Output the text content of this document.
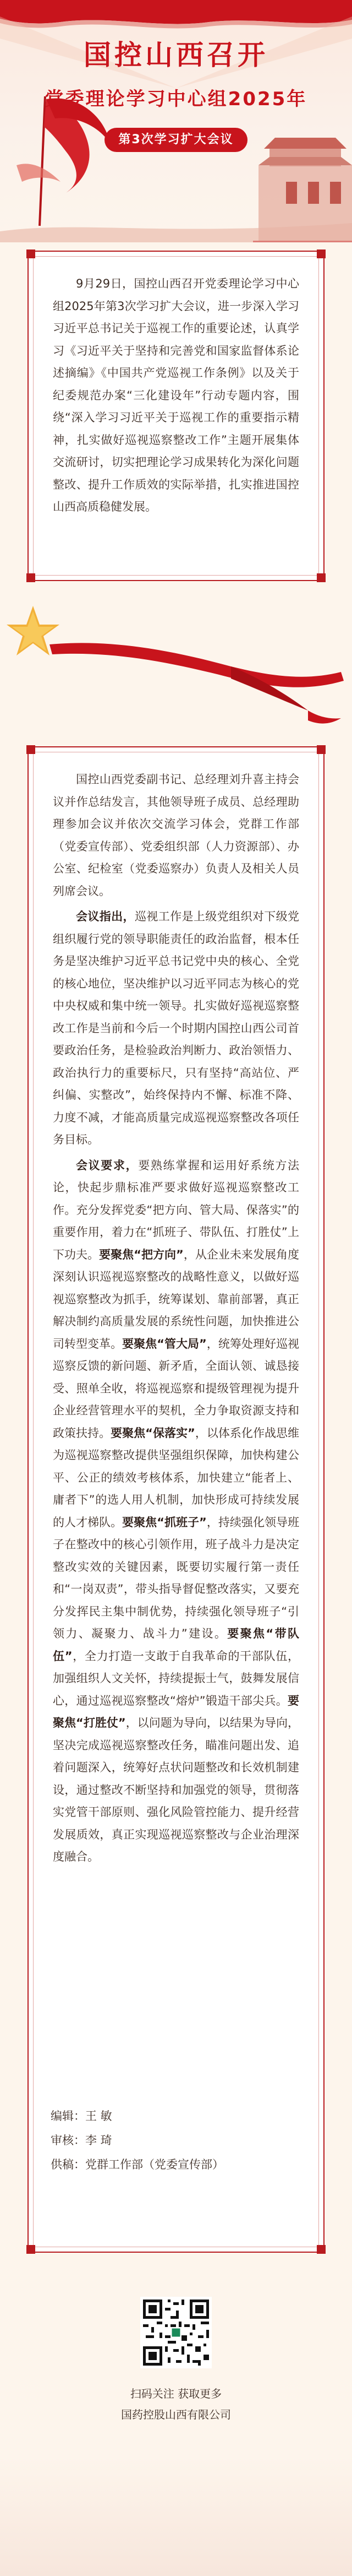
国控山西召开
党委理论学习中心组2025年
第3次学习扩大会议

9月29日，国控山西召开党委理论学习中心组2025年第3次学习扩大会议，进一步深入学习习近平总书记关于巡视工作的重要论述，认真学习《习近平关于坚持和完善党和国家监督体系论述摘编》《中国共产党巡视工作条例》以及关于纪委规范办案“三化建设年”行动专题内容，围绕“深入学习习近平关于巡视工作的重要指示精神，扎实做好巡视巡察整改工作”主题开展集体交流研讨，切实把理论学习成果转化为深化问题整改、提升工作质效的实际举措，扎实推进国控山西高质稳健发展。

国控山西党委副书记、总经理刘升喜主持会议并作总结发言，其他领导班子成员、总经理助理参加会议并依次交流学习体会，党群工作部（党委宣传部）、党委组织部（人力资源部）、办公室、纪检室（党委巡察办）负责人及相关人员列席会议。

会议指出，巡视工作是上级党组织对下级党组织履行党的领导职能责任的政治监督，根本任务是坚决维护习近平总书记党中央的核心、全党的核心地位，坚决维护以习近平同志为核心的党中央权威和集中统一领导。扎实做好巡视巡察整改工作是当前和今后一个时期内国控山西公司首要政治任务，是检验政治判断力、政治领悟力、政治执行力的重要标尺，只有坚持“高站位、严纠偏、实整改”，始终保持内不懈、标准不降、力度不减，才能高质量完成巡视巡察整改各项任务目标。

会议要求，要熟练掌握和运用好系统方法论，快起步鼎标准严要求做好巡视巡察整改工作。充分发挥党委“把方向、管大局、保落实”的重要作用，着力在“抓班子、带队伍、打胜仗”上下功夫。要聚焦“把方向”，从企业未来发展角度深刻认识巡视巡察整改的战略性意义，以做好巡视巡察整改为抓手，统筹谋划、靠前部署，真正解决制约高质量发展的系统性问题，加快推进公司转型变革。要聚焦“管大局”，统筹处理好巡视巡察反馈的新问题、新矛盾，全面认领、诚恳接受、照单全收，将巡视巡察和提级管理视为提升企业经营管理水平的契机，全力争取资源支持和政策扶持。要聚焦“保落实”，以体系化作战思维为巡视巡察整改提供坚强组织保障，加快构建公平、公正的绩效考核体系，加快建立“能者上、庸者下”的选人用人机制，加快形成可持续发展的人才梯队。要聚焦“抓班子”，持续强化领导班子在整改中的核心引领作用，班子战斗力是决定整改实效的关键因素，既要切实履行第一责任和“一岗双责”，带头指导督促整改落实，又要充分发挥民主集中制优势，持续强化领导班子“引领力、凝聚力、战斗力”建设。要聚焦“带队伍”，全力打造一支敢于自我革命的干部队伍，加强组织人文关怀，持续提振士气，鼓舞发展信心，通过巡视巡察整改“熔炉”锻造干部尖兵。要聚焦“打胜仗”，以问题为导向，以结果为导向，坚决完成巡视巡察整改任务，瞄准问题出发、追着问题深入，统筹好点状问题整改和长效机制建设，通过整改不断坚持和加强党的领导，贯彻落实党管干部原则、强化风险管控能力、提升经营发展质效，真正实现巡视巡察整改与企业治理深度融合。

编辑：王 敏
审核：李 琦
供稿：党群工作部（党委宣传部）
扫码关注 获取更多
国药控股山西有限公司
